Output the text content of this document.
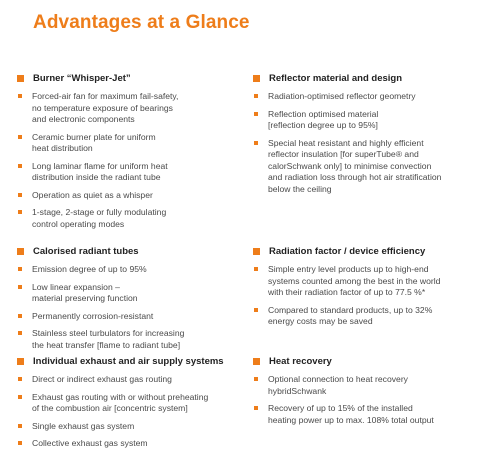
Advantages at a Glance
Burner “Whisper-Jet”
Forced-air fan for maximum fail-safety,
no temperature exposure of bearings
and electronic components
Ceramic burner plate for uniform
heat distribution
Long laminar flame for uniform heat
distribution inside the radiant tube
Operation as quiet as a whisper
1-stage, 2-stage or fully modulating
control operating modes
Reflector material and design
Radiation-optimised reflector geometry
Reflection optimised material
[reflection degree up to 95%]
Special heat resistant and highly efficient
reflector insulation [for superTube® and
calorSchwank only] to minimise convection
and radiation loss through hot air stratification
below the ceiling
Calorised radiant tubes
Emission degree of up to 95%
Low linear expansion –
material preserving function
Permanently corrosion-resistant
Stainless steel turbulators for increasing
the heat transfer [flame to radiant tube]
Radiation factor / device efficiency
Simple entry level products up to high-end
systems counted among the best in the world
with their radiation factor of up to 77.5 %*
Compared to standard products, up to 32%
energy costs may be saved
Individual exhaust and air supply systems
Direct or indirect exhaust gas routing
Exhaust gas routing with or without preheating
of the combustion air [concentric system]
Single exhaust gas system
Collective exhaust gas system
Heat recovery
Optional connection to heat recovery
hybridSchwank
Recovery of up to 15% of the installed
heating power up to max. 108% total output
